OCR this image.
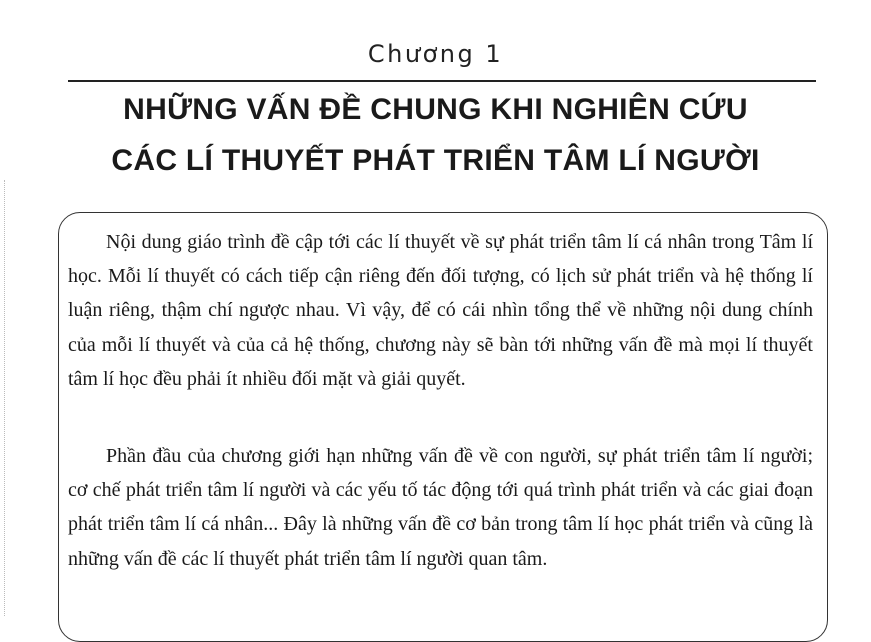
Chương 1
NHỮNG VẤN ĐỀ CHUNG KHI NGHIÊN CỨU
CÁC LÍ THUYẾT PHÁT TRIỂN TÂM LÍ NGƯỜI

Nội dung giáo trình đề cập tới các lí thuyết về sự phát triển tâm lí cá nhân trong Tâm lí học. Mỗi lí thuyết có cách tiếp cận riêng đến đối tượng, có lịch sử phát triển và hệ thống lí luận riêng, thậm chí ngược nhau. Vì vậy, để có cái nhìn tổng thể về những nội dung chính của mỗi lí thuyết và của cả hệ thống, chương này sẽ bàn tới những vấn đề mà mọi lí thuyết tâm lí học đều phải ít nhiều đối mặt và giải quyết.

Phần đầu của chương giới hạn những vấn đề về con người, sự phát triển tâm lí người; cơ chế phát triển tâm lí người và các yếu tố tác động tới quá trình phát triển và các giai đoạn phát triển tâm lí cá nhân... Đây là những vấn đề cơ bản trong tâm lí học phát triển và cũng là những vấn đề các lí thuyết phát triển tâm lí người quan tâm.
